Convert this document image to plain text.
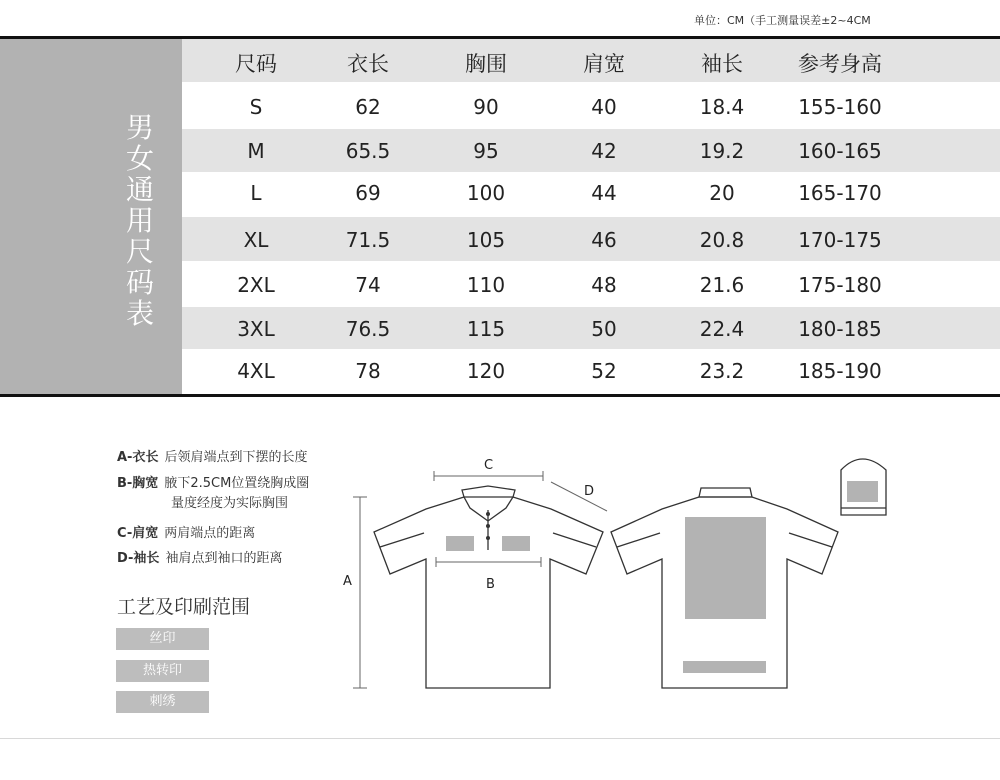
单位：CM（手工测量误差±2~4CM
男女通用尺码表
尺码	衣长	胸围	肩宽	袖长	参考身高
S	62	90	40	18.4	155-160
M	65.5	95	42	19.2	160-165
L	69	100	44	20	165-170
XL	71.5	105	46	20.8	170-175
2XL	74	110	48	21.6	175-180
3XL	76.5	115	50	22.4	180-185
4XL	78	120	52	23.2	185-190
A-衣长 后领肩端点到下摆的长度
B-胸宽 腋下2.5CM位置绕胸成圈
量度经度为实际胸围
C-肩宽 两肩端点的距离
D-袖长 袖肩点到袖口的距离
工艺及印刷范围
丝印
热转印
刺绣
C
D
B
A
